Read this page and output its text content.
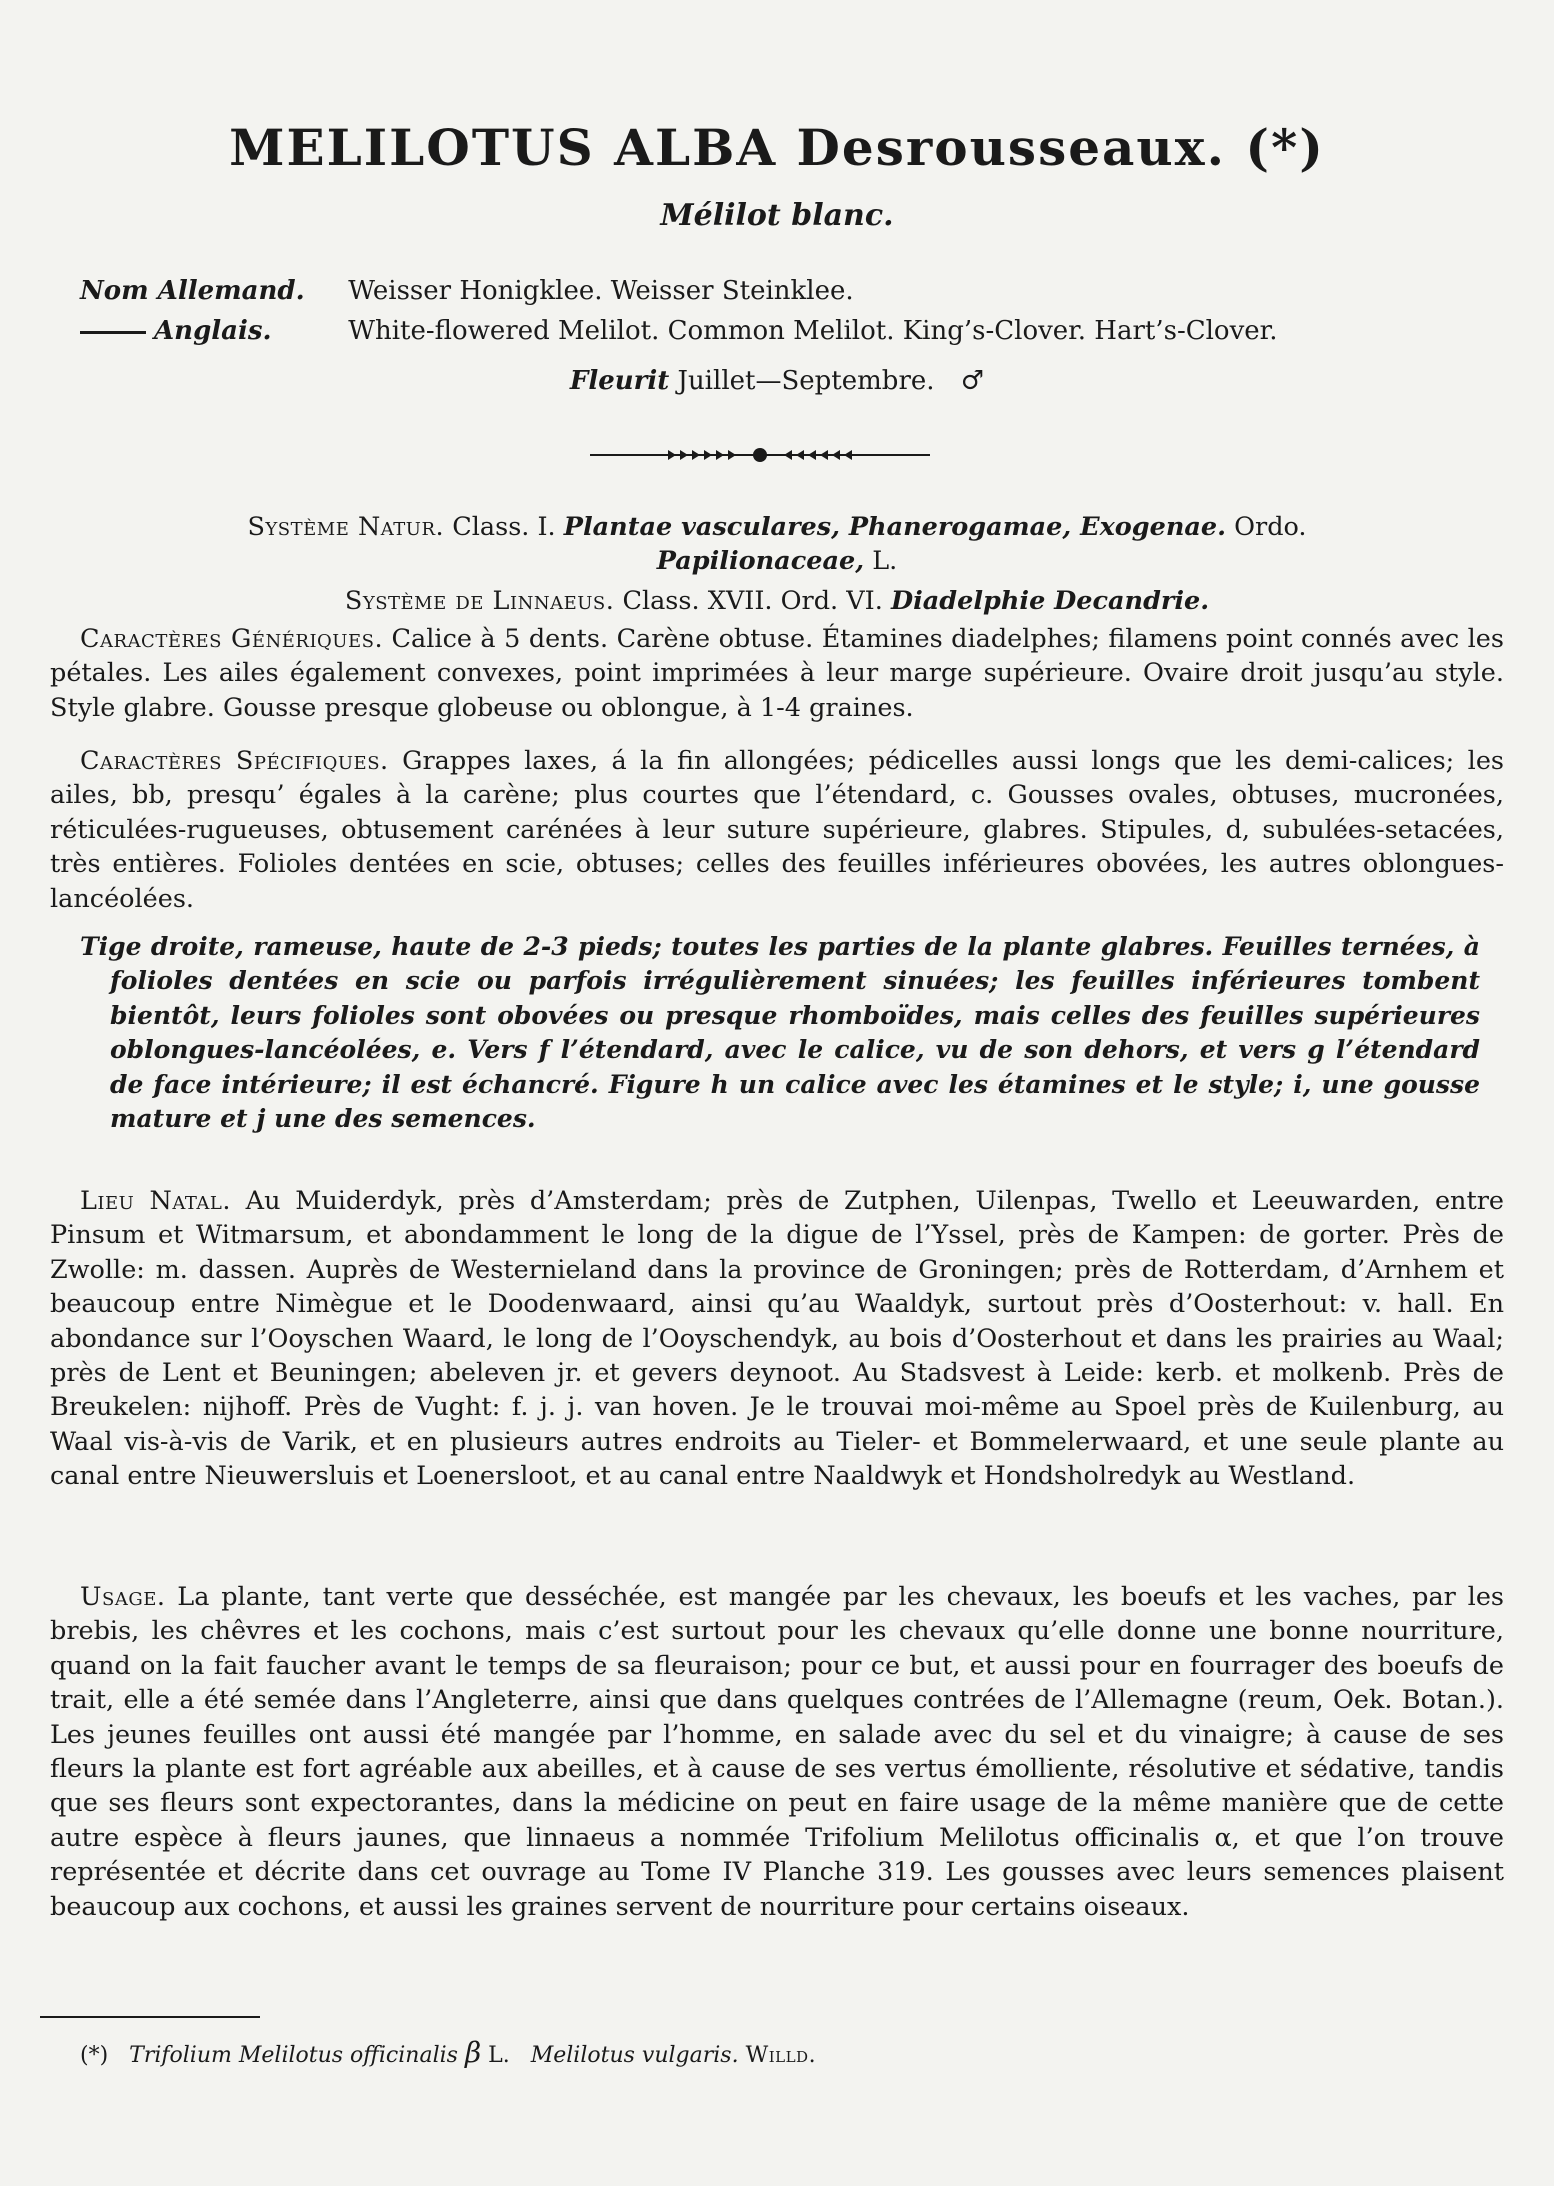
MELILOTUS ALBA Desrousseaux. (*)
Mélilot blanc.
Nom Allemand. Weisser Honigklee. Weisser Steinklee.
Anglais.	White-flowered Melilot. Common Melilot. King’s-Clover. Hart’s-Clover.
Fleurit Juillet—Septembre. ♂
Système Natur. Class. I. Plantae vasculares, Phanerogamae, Exogenae. Ordo.
Papilionaceae, L.
Système de Linnaeus. Class. XVII. Ord. VI. Diadelphie Decandrie.

Caractères Génériques. Calice à 5 dents. Carène obtuse. Étamines diadelphes; filamens point connés avec les pétales. Les ailes également convexes, point imprimées à leur marge supérieure. Ovaire droit jusqu’au style. Style glabre. Gousse presque globeuse ou oblongue, à 1-4 graines.

Caractères Spécifiques. Grappes laxes, á la fin allongées; pédicelles aussi longs que les demi-calices; les ailes, bb, presqu’ égales à la carène; plus courtes que l’étendard, c. Gousses ovales, obtuses, mucronées, réticulées-rugueuses, obtusement carénées à leur suture supérieure, glabres. Stipules, d, subulées-setacées, très entières. Folioles dentées en scie, obtuses; celles des feuilles inférieures obovées, les autres oblongues-lancéolées.

Tige droite, rameuse, haute de 2-3 pieds; toutes les parties de la plante glabres. Feuilles ternées, à folioles dentées en scie ou parfois irrégulièrement sinuées; les feuilles inférieures tombent bientôt, leurs folioles sont obovées ou presque rhomboïdes, mais celles des feuilles supérieures oblongues-lancéolées, e. Vers f l’étendard, avec le calice, vu de son dehors, et vers g l’étendard de face intérieure; il est échancré. Figure h un calice avec les étamines et le style; i, une gousse mature et j une des semences.

Lieu Natal. Au Muiderdyk, près d’Amsterdam; près de Zutphen, Uilenpas, Twello et Leeuwarden, entre Pinsum et Witmarsum, et abondamment le long de la digue de l’Yssel, près de Kampen: de gorter. Près de Zwolle: m. dassen. Auprès de Westernieland dans la province de Groningen; près de Rotterdam, d’Arnhem et beaucoup entre Nimègue et le Doodenwaard, ainsi qu’au Waaldyk, surtout près d’Oosterhout: v. hall. En abondance sur l’Ooyschen Waard, le long de l’Ooyschendyk, au bois d’Oosterhout et dans les prairies au Waal; près de Lent et Beuningen; abeleven jr. et gevers deynoot. Au Stadsvest à Leide: kerb. et molkenb. Près de Breukelen: nijhoff. Près de Vught: f. j. j. van hoven. Je le trouvai moi-même au Spoel près de Kuilenburg, au Waal vis-à-vis de Varik, et en plusieurs autres endroits au Tieler- et Bommelerwaard, et une seule plante au canal entre Nieuwersluis et Loenersloot, et au canal entre Naaldwyk et Hondsholredyk au Westland.

Usage. La plante, tant verte que desséchée, est mangée par les chevaux, les boeufs et les vaches, par les brebis, les chêvres et les cochons, mais c’est surtout pour les chevaux qu’elle donne une bonne nourriture, quand on la fait faucher avant le temps de sa fleuraison; pour ce but, et aussi pour en fourrager des boeufs de trait, elle a été semée dans l’Angleterre, ainsi que dans quelques contrées de l’Allemagne (reum, Oek. Botan.). Les jeunes feuilles ont aussi été mangée par l’homme, en salade avec du sel et du vinaigre; à cause de ses fleurs la plante est fort agréable aux abeilles, et à cause de ses vertus émolliente, résolutive et sédative, tandis que ses fleurs sont expectorantes, dans la médicine on peut en faire usage de la même manière que de cette autre espèce à fleurs jaunes, que linnaeus a nommée Trifolium Melilotus officinalis α, et que l’on trouve représentée et décrite dans cet ouvrage au Tome IV Planche 319. Les gousses avec leurs semences plaisent beaucoup aux cochons, et aussi les graines servent de nourriture pour certains oiseaux.

(*) Trifolium Melilotus officinalis β L. Melilotus vulgaris. Willd.
